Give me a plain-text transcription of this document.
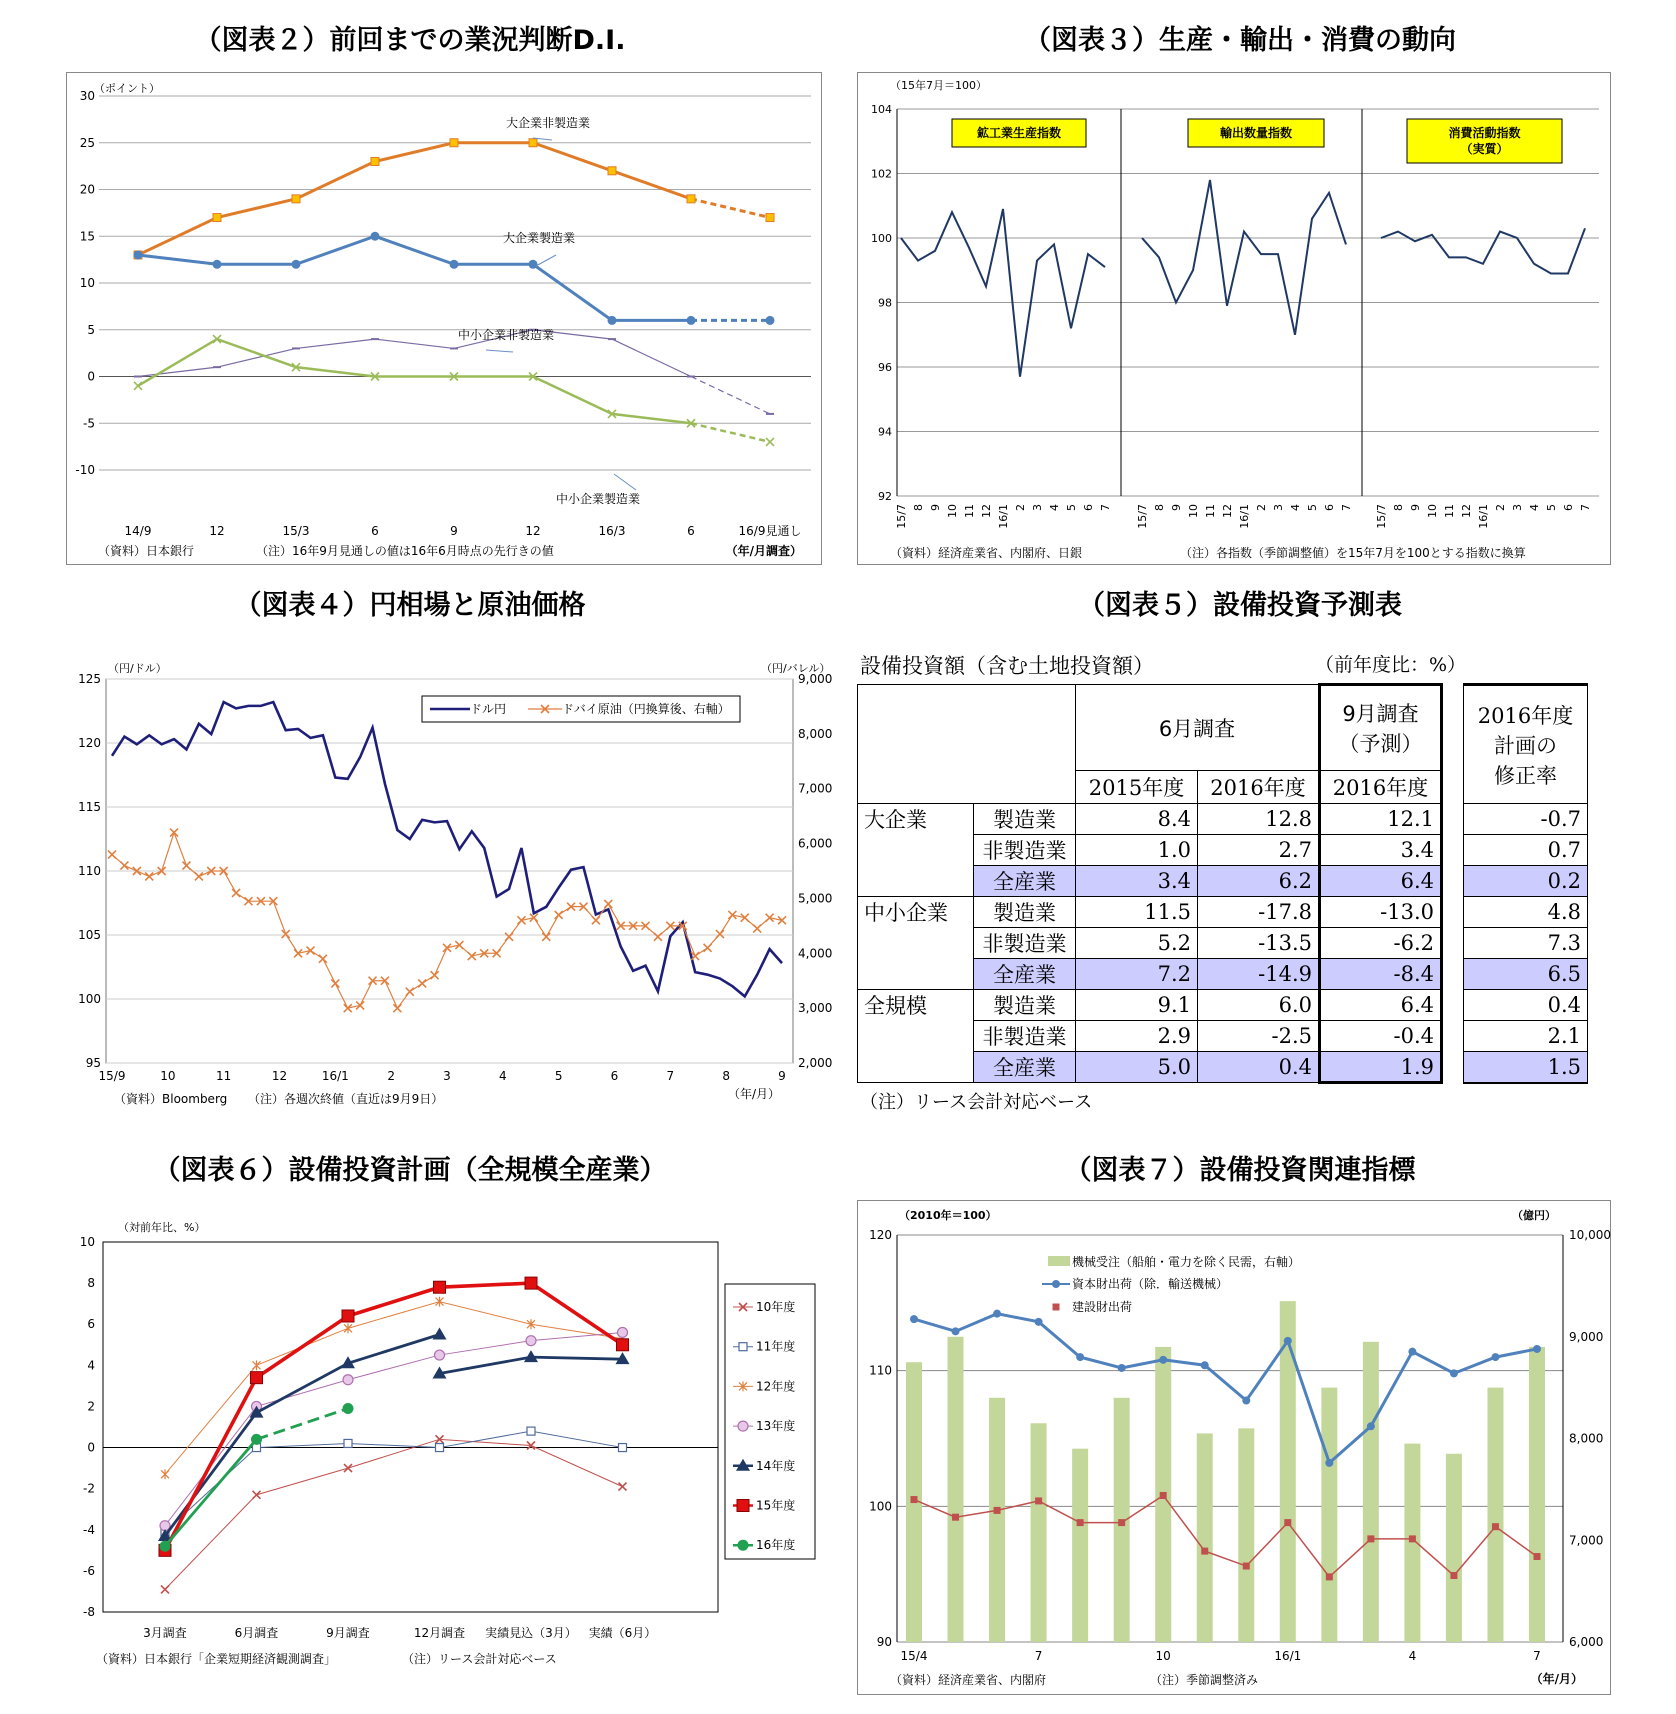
（図表２）前回までの業況判断D.I.	（図表３）生産・輸出・消費の動向
（図表４）円相場と原油価格	（図表５）設備投資予測表
（図表６）設備投資計画（全規模全産業）	（図表７）設備投資関連指標
（ポイント）
-10
-5
0
5
10
15
20
25
30
14/9	12	15/3	6	9	12	16/3	6	16/9見通し
（年/月調査）
（資料）日本銀行	（注）16年9月見通しの値は16年6月時点の先行きの値
大企業非製造業
大企業製造業
中小企業非製造業
中小企業製造業
（15年7月＝100）
92
94
96
98
100
102
104
鉱工業生産指数
15/7 8 9 10 11 12 16/1 2 3 4 5 6 7
輸出数量指数
15/7 8 9 10 11 12 16/1 2 3 4 5 6 7
消費活動指数
（実質）
15/7 8 9 10 11 12 16/1 2 3 4 5 6 7
（資料）経済産業省、内閣府、日銀	（注）各指数（季節調整値）を15年7月を100とする指数に換算
（円/ドル）	（円/バレル）
95
100
105
110
115
120
125
2,000
3,000
4,000
5,000
6,000
7,000
8,000
9,000
15/9	10	11	12	16/1	2	3	4	5	6	7	8	9
（年/月）
（資料）Bloomberg （注）各週次終値（直近は9月9日）
ドル円	ドバイ原油（円換算後、右軸）
（対前年比、%）
-8
-6
-4
-2
0
2
4
6
8
10
3月調査	6月調査	9月調査	12月調査 実績見込（3月） 実績（6月）
（資料）日本銀行「企業短期経済観測調査」	（注）リース会計対応ベース
10年度
11年度
12年度
13年度
14年度
15年度
16年度
（2010年＝100）	（億円）
90
100
110
120
6,000
7,000
8,000
9,000
10,000
15/4	7	10	16/1	4	7
（年/月）
（資料）経済産業省、内閣府	（注）季節調整済み
機械受注（船舶・電力を除く民需，右軸）
資本財出荷（除．輸送機械）
建設財出荷
設備投資額（含む土地投資額）	（前年度比：%）
		6月調査		9月調査
（予測）		2016年度
計画の
修正率
		2015年度	2016年度	2016年度		
大企業	製造業	8.4	12.8	12.1		-0.7
	非製造業	1.0	2.7	3.4		0.7
	全産業	3.4	6.2	6.4		0.2
中小企業	製造業	11.5	-17.8	-13.0		4.8
	非製造業	5.2	-13.5	-6.2		7.3
	全産業	7.2	-14.9	-8.4		6.5
全規模	製造業	9.1	6.0	6.4		0.4
	非製造業	2.9	-2.5	-0.4		2.1
	全産業	5.0	0.4	1.9		1.5
（注）リース会計対応ベース
